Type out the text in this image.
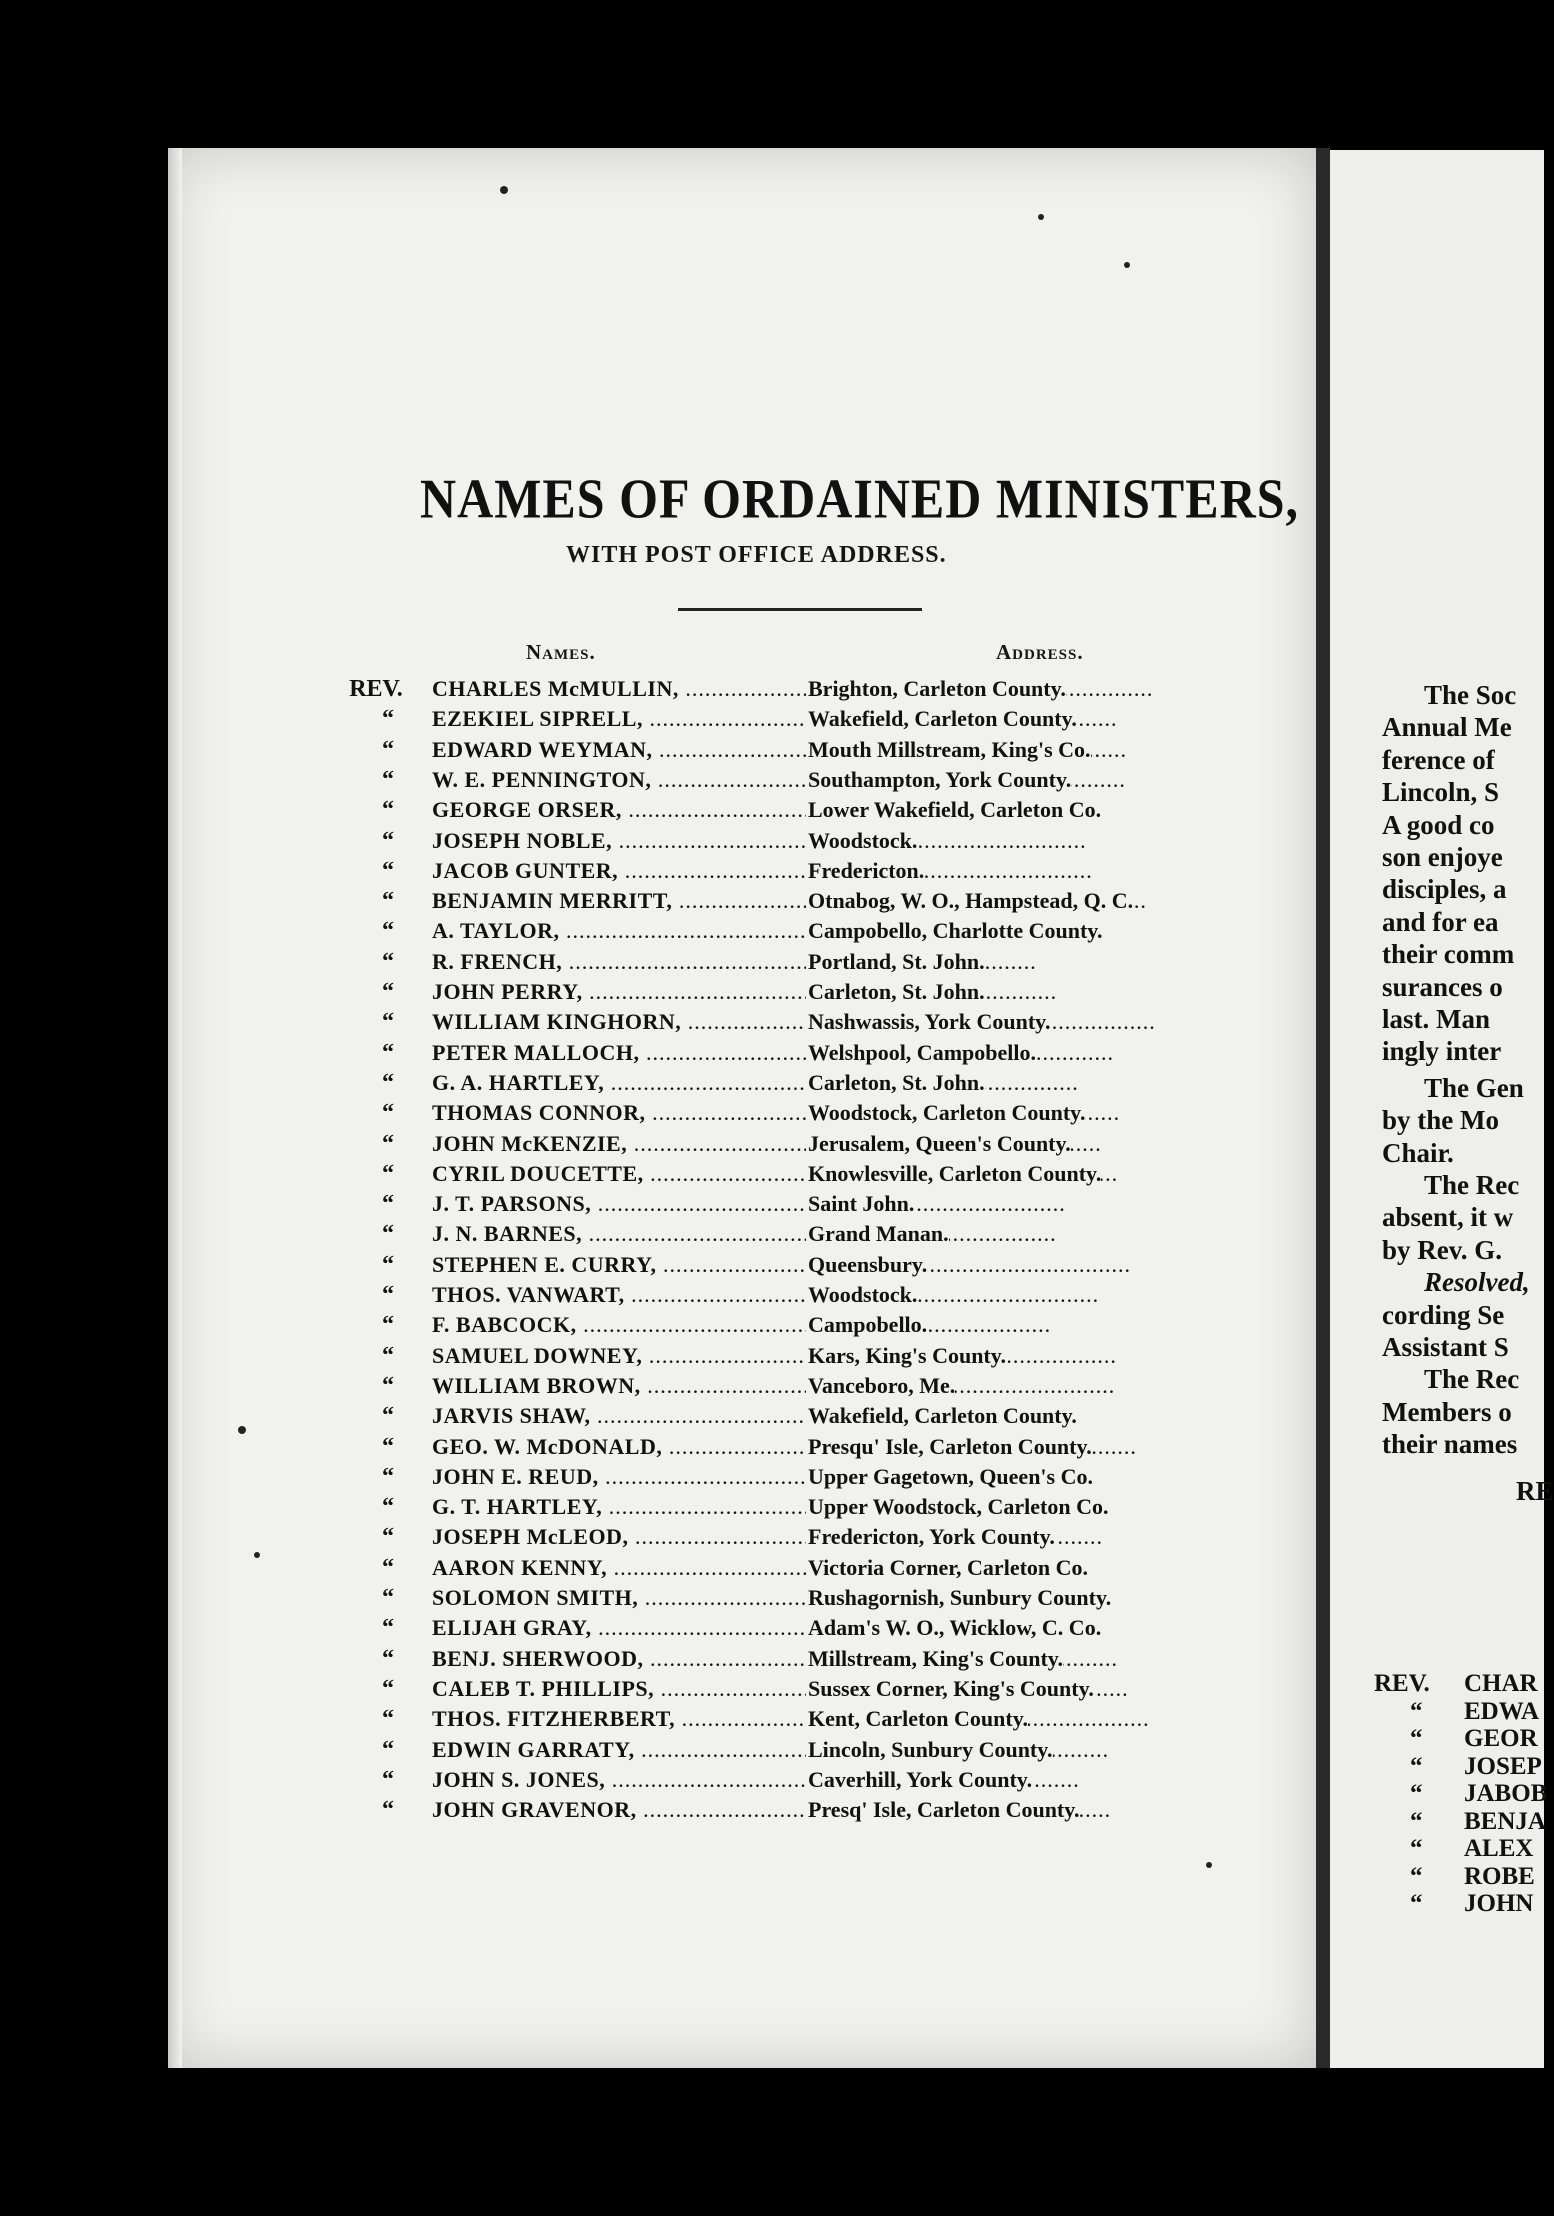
The Soc
Annual Me
ference of
Lincoln, S
A good co
son enjoye
disciples, a
and for ea
their comm
surances o
last. Man
ingly inter
The Gen
by the Mo
Chair.
The Rec
absent, it w
by Rev. G.
Resolved,
cording Se
Assistant S
The Rec
Members o
their names
RE
REV. CHAR
“ EDWA
“ GEOR
“ JOSEP
“ JABOB
“ BENJA
“ ALEX
“ ROBE
“ JOHN
NAMES OF ORDAINED MINISTERS,
WITH POST OFFICE ADDRESS.
Names.	Address.
REV. CHARLES McMULLIN, .....	Brighton, Carleton County.
“	EZEKIEL SIPRELL, .....	Wakefield, Carleton County.
“	EDWARD WEYMAN, .....	Mouth Millstream, King's Co.
“	W. E. PENNINGTON, .....	Southampton, York County.
“	GEORGE ORSER, .....	Lower Wakefield, Carleton Co.
“	JOSEPH NOBLE, .....	Woodstock.
“	JACOB GUNTER, .....	Fredericton.
“	BENJAMIN MERRITT, .....	Otnabog, W. O., Hampstead, Q. C.
“	A. TAYLOR, .....	Campobello, Charlotte County.
“	R. FRENCH, .....	Portland, St. John.
“	JOHN PERRY, .....	Carleton, St. John.
“	WILLIAM KINGHORN, .....	Nashwassis, York County.
“	PETER MALLOCH, .....	Welshpool, Campobello.
“	G. A. HARTLEY, .....	Carleton, St. John.
“	THOMAS CONNOR, .....	Woodstock, Carleton County.
“	JOHN McKENZIE, .....	Jerusalem, Queen's County.
“	CYRIL DOUCETTE, .....	Knowlesville, Carleton County.
“	J. T. PARSONS, .....	Saint John.
“	J. N. BARNES, .....	Grand Manan.
“	STEPHEN E. CURRY, .....	Queensbury.
“	THOS. VANWART, .....	Woodstock.
“	F. BABCOCK, .....	Campobello.
“	SAMUEL DOWNEY, .....	Kars, King's County.
“	WILLIAM BROWN, .....	Vanceboro, Me.
“	JARVIS SHAW, .....	Wakefield, Carleton County.
“	GEO. W. McDONALD, .....	Presqu' Isle, Carleton County.
“	JOHN E. REUD, .....	Upper Gagetown, Queen's Co.
“	G. T. HARTLEY, .....	Upper Woodstock, Carleton Co.
“	JOSEPH McLEOD, .....	Fredericton, York County.
“	AARON KENNY, .....	Victoria Corner, Carleton Co.
“	SOLOMON SMITH, .....	Rushagornish, Sunbury County.
“	ELIJAH GRAY, .....	Adam's W. O., Wicklow, C. Co.
“	BENJ. SHERWOOD, .....	Millstream, King's County.
“	CALEB T. PHILLIPS, .....	Sussex Corner, King's County.
“	THOS. FITZHERBERT, .....	Kent, Carleton County.
“	EDWIN GARRATY, .....	Lincoln, Sunbury County.
“	JOHN S. JONES, .....	Caverhill, York County.
“	JOHN GRAVENOR, .....	Presq' Isle, Carleton County.
